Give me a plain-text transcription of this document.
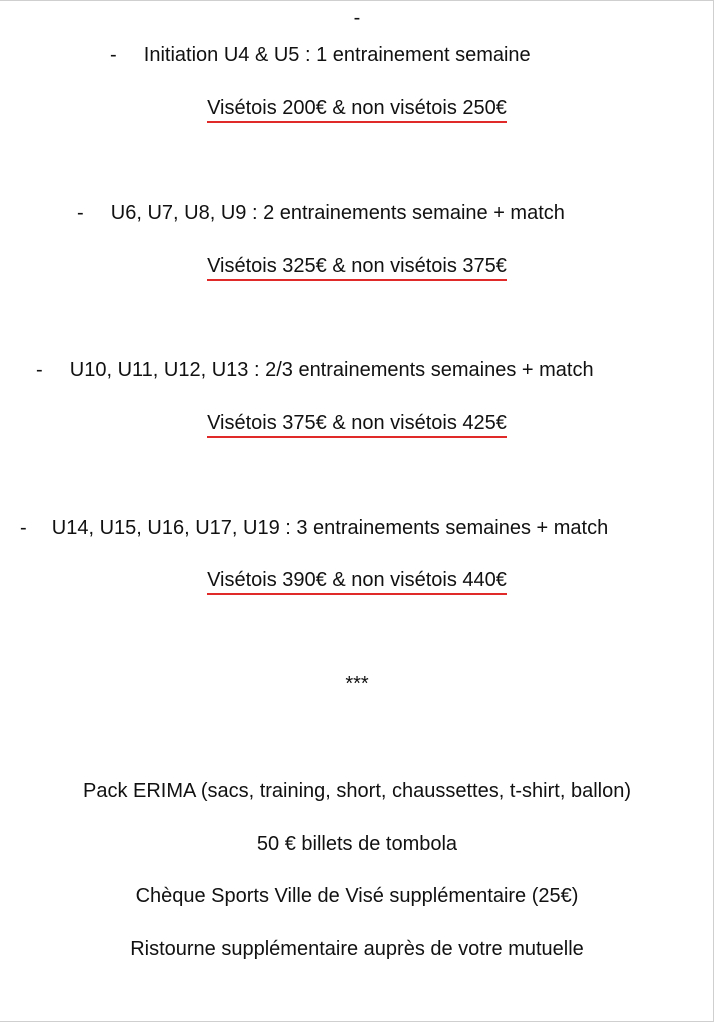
-
- Initiation U4 & U5 : 1 entrainement semaine
Visétois 200€ & non visétois 250€
- U6, U7, U8, U9 : 2 entrainements semaine + match
Visétois 325€ & non visétois 375€
- U10, U11, U12, U13 : 2/3 entrainements semaines + match
Visétois 375€ & non visétois 425€
- U14, U15, U16, U17, U19 : 3 entrainements semaines + match
Visétois 390€ & non visétois 440€
***
Pack ERIMA (sacs, training, short, chaussettes, t-shirt, ballon)
50 € billets de tombola
Chèque Sports Ville de Visé supplémentaire (25€)
Ristourne supplémentaire auprès de votre mutuelle
